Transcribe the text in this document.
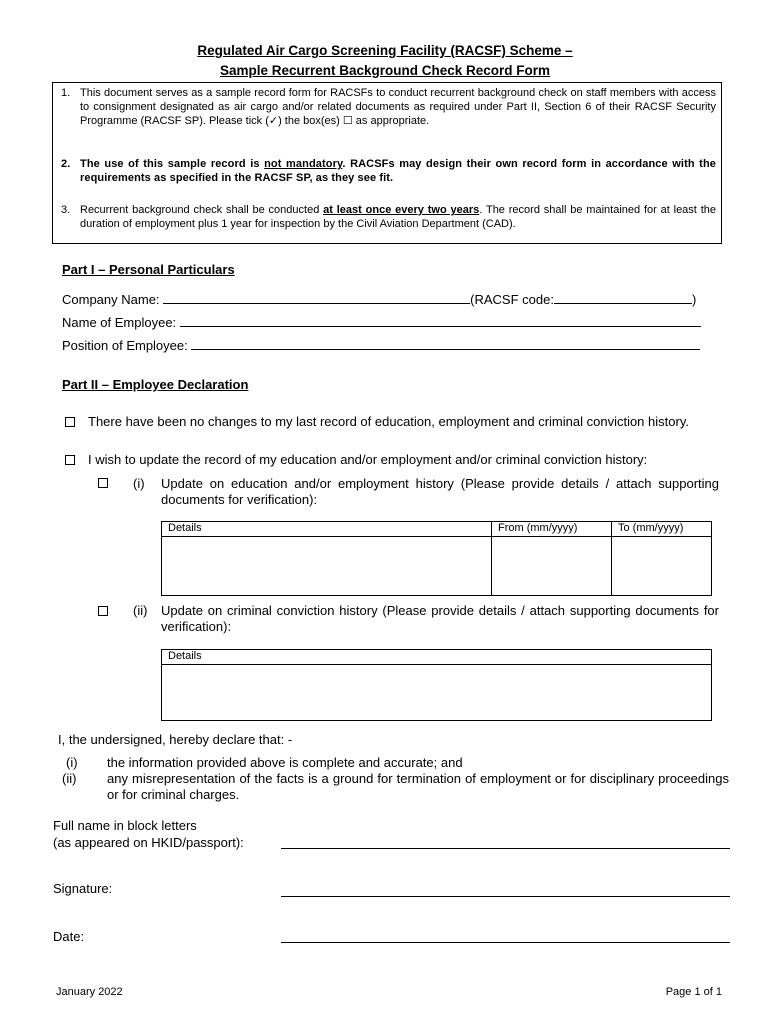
Regulated Air Cargo Screening Facility (RACSF) Scheme –
Sample Recurrent Background Check Record Form
1. This document serves as a sample record form for RACSFs to conduct recurrent background check on staff members with access to consignment designated as air cargo and/or related documents as required under Part II, Section 6 of their RACSF Security Programme (RACSF SP). Please tick (✓) the box(es) ☐ as appropriate.
2. The use of this sample record is not mandatory. RACSFs may design their own record form in accordance with the requirements as specified in the RACSF SP, as they see fit.
3. Recurrent background check shall be conducted at least once every two years. The record shall be maintained for at least the duration of employment plus 1 year for inspection by the Civil Aviation Department (CAD).
Part I – Personal Particulars
Company Name:	(RACSF code:	)
Name of Employee:
Position of Employee:
Part II – Employee Declaration
There have been no changes to my last record of education, employment and criminal conviction history.
I wish to update the record of my education and/or employment and/or criminal conviction history:
(i) Update on education and/or employment history (Please provide details / attach supporting documents for verification):
Details	From (mm/yyyy)	To (mm/yyyy)

(ii) Update on criminal conviction history (Please provide details / attach supporting documents for verification):
Details

I, the undersigned, hereby declare that: -
(i) the information provided above is complete and accurate; and
(ii) any misrepresentation of the facts is a ground for termination of employment or for disciplinary proceedings or for criminal charges.
Full name in block letters
(as appeared on HKID/passport):
Signature:
Date:
January 2022	Page 1 of 1
